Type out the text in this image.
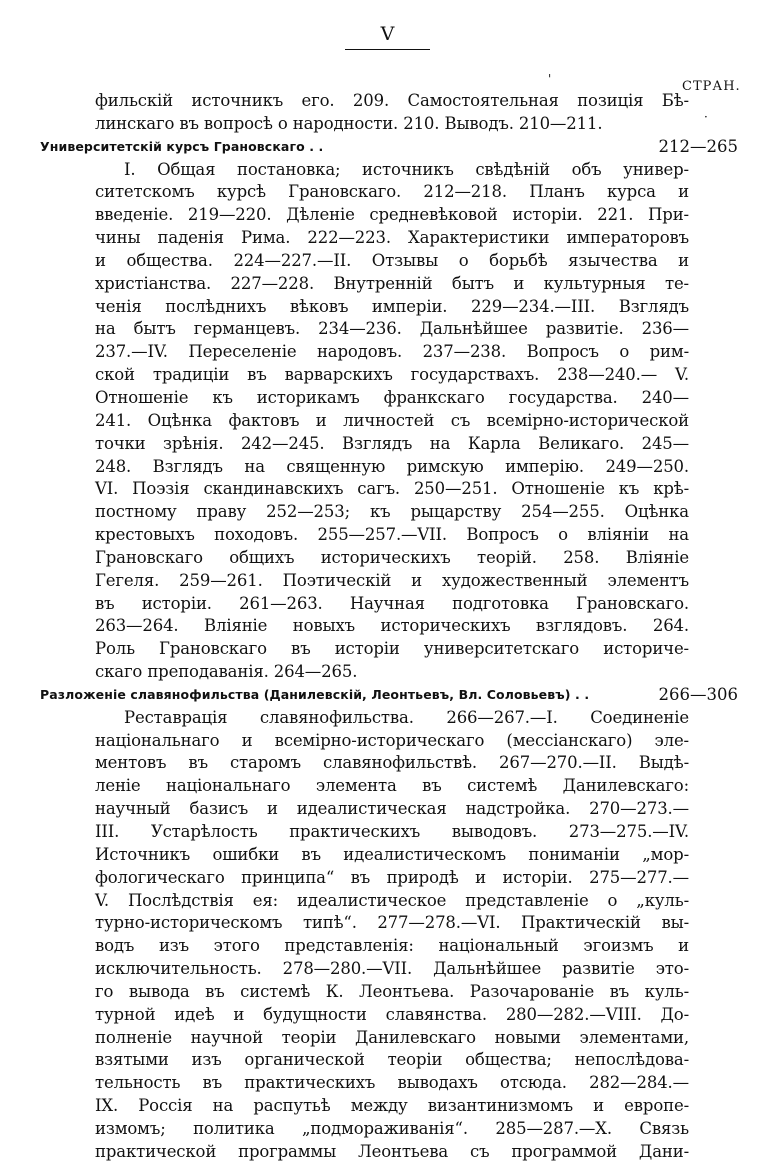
V
'	СТРАН.
·
фильскій источникъ его. 209. Самостоятельная позиція Бѣ-
линскаго въ вопросѣ о народности. 210. Выводъ. 210—211.
Университетскій курсъ Грановскаго . .	212—265
I. Общая постановка; источникъ свѣдѣній объ универ-
ситетскомъ курсѣ Грановскаго. 212—218. Планъ курса и
введеніе. 219—220. Дѣленіе средневѣковой исторіи. 221. При-
чины паденія Рима. 222—223. Характеристики императоровъ
и общества. 224—227.—II. Отзывы о борьбѣ язычества и
христіанства. 227—228. Внутренній бытъ и культурныя те-
ченія послѣднихъ вѣковъ имперіи. 229—234.—III. Взглядъ
на бытъ германцевъ. 234—236. Дальнѣйшее развитіе. 236—
237.—IV. Переселеніе народовъ. 237—238. Вопросъ о рим-
ской традиціи въ варварскихъ государствахъ. 238—240.— V.
Отношеніе къ историкамъ франкскаго государства. 240—
241. Оцѣнка фактовъ и личностей съ всемірно-исторической
точки зрѣнія. 242—245. Взглядъ на Карла Великаго. 245—
248. Взглядъ на священную римскую имперію. 249—250.
VI. Поэзія скандинавскихъ сагъ. 250—251. Отношеніе къ крѣ-
постному праву 252—253; къ рыцарству 254—255. Оцѣнка
крестовыхъ походовъ. 255—257.—VII. Вопросъ о вліяніи на
Грановскаго общихъ историческихъ теорій. 258. Вліяніе
Гегеля. 259—261. Поэтическій и художественный элементъ
въ исторіи. 261—263. Научная подготовка Грановскаго.
263—264. Вліяніе новыхъ историческихъ взглядовъ. 264.
Роль Грановскаго въ исторіи университетскаго историче-
скаго преподаванія. 264—265.
Разложеніе славянофильства (Данилевскій, Леонтьевъ, Вл. Соловьевъ) . .	266—306
Реставрація славянофильства. 266—267.—I. Соединеніе
національнаго и всемірно-историческаго (мессіанскаго) эле-
ментовъ въ старомъ славянофильствѣ. 267—270.—II. Выдѣ-
леніе національнаго элемента въ системѣ Данилевскаго:
научный базисъ и идеалистическая надстройка. 270—273.—
III. Устарѣлость практическихъ выводовъ. 273—275.—IV.
Источникъ ошибки въ идеалистическомъ пониманіи „мор-
фологическаго принципа“ въ природѣ и исторіи. 275—277.—
V. Послѣдствія ея: идеалистическое представленіе о „куль-
турно-историческомъ типѣ“. 277—278.—VI. Практическій вы-
водъ изъ этого представленія: національный эгоизмъ и
исключительность. 278—280.—VII. Дальнѣйшее развитіе это-
го вывода въ системѣ К. Леонтьева. Разочарованіе въ куль-
турной идеѣ и будущности славянства. 280—282.—VIII. До-
полненіе научной теоріи Данилевскаго новыми элементами,
взятыми изъ органической теоріи общества; непослѣдова-
тельность въ практическихъ выводахъ отсюда. 282—284.—
IX. Россія на распутьѣ между византинизмомъ и европе-
измомъ; политика „подмораживанія“. 285—287.—X. Связь
практической программы Леонтьева съ программой Дани-
